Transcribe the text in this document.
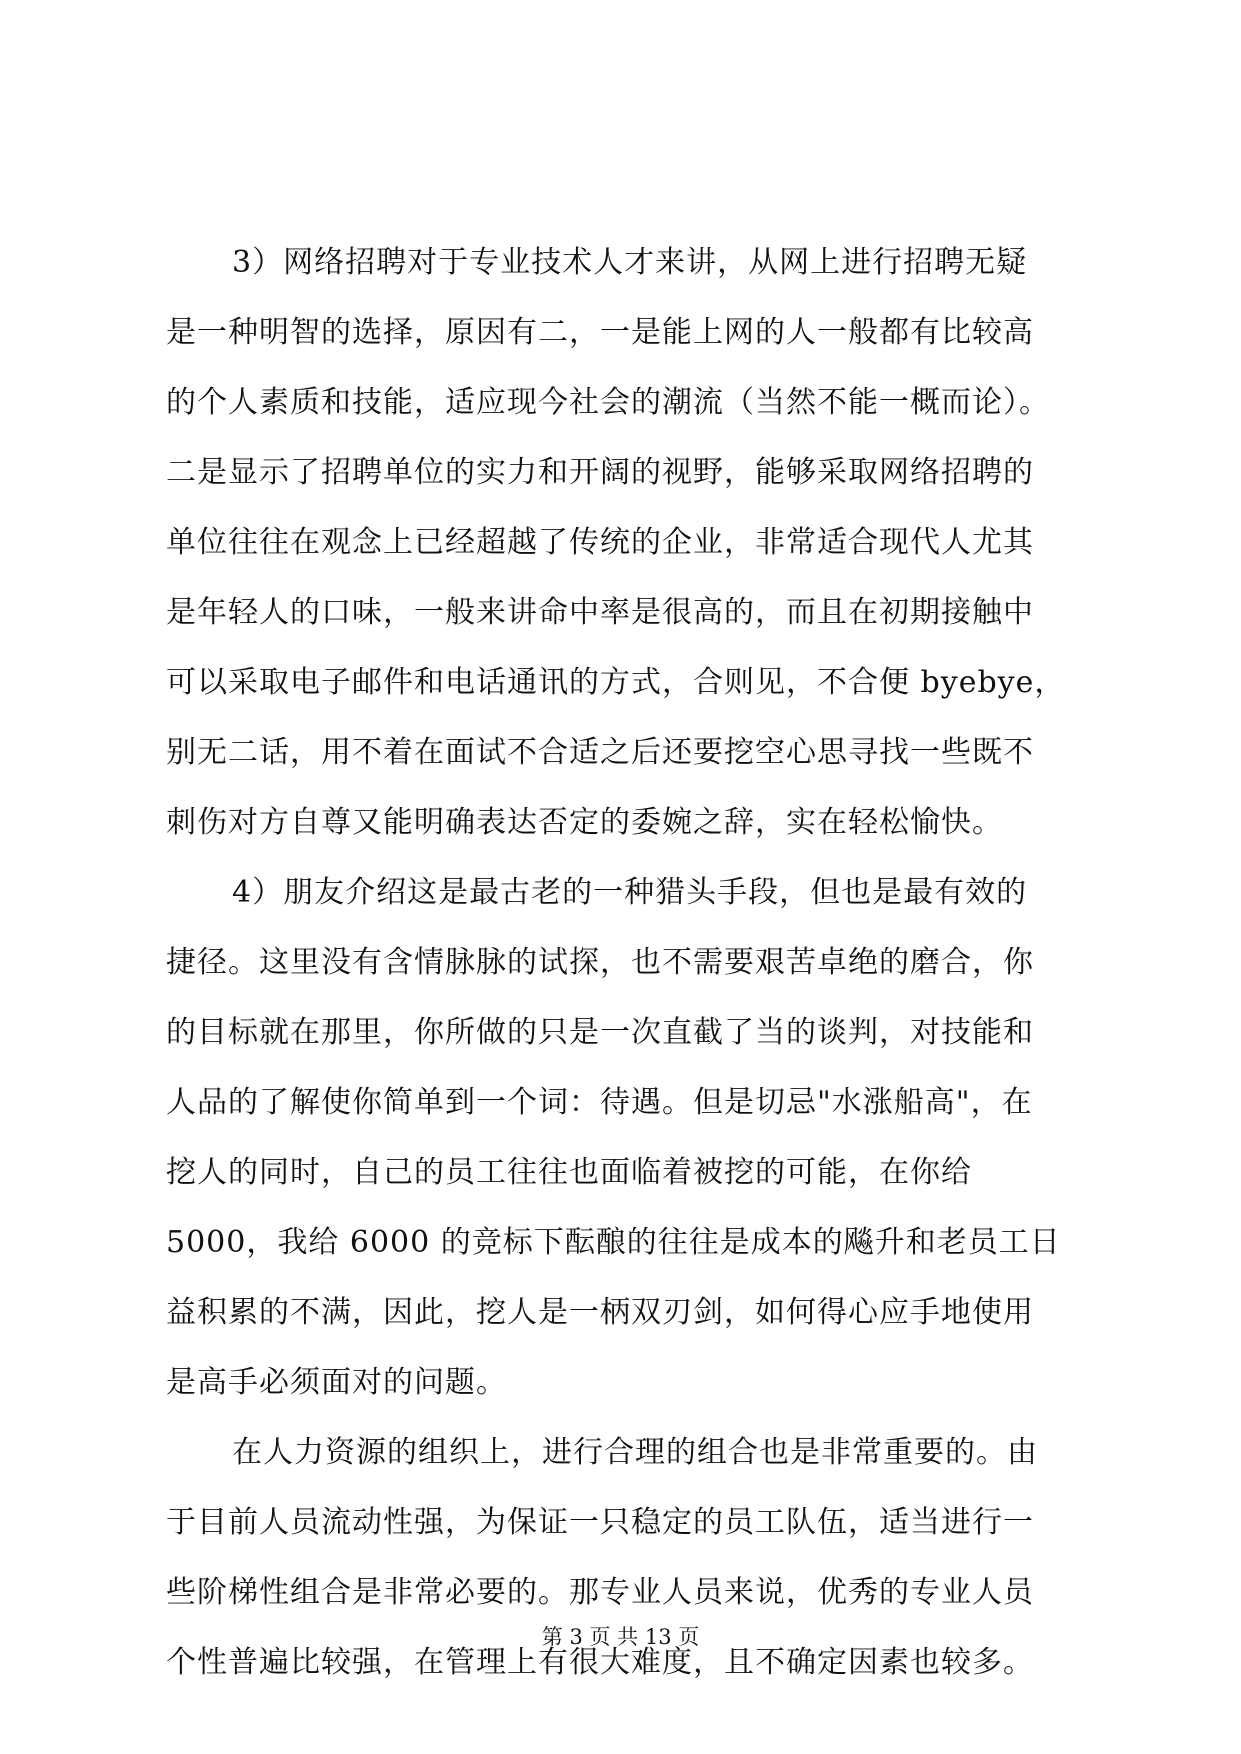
3）网络招聘对于专业技术人才来讲，从网上进行招聘无疑
是一种明智的选择，原因有二，一是能上网的人一般都有比较高
的个人素质和技能，适应现今社会的潮流（当然不能一概而论）。
二是显示了招聘单位的实力和开阔的视野，能够采取网络招聘的
单位往往在观念上已经超越了传统的企业，非常适合现代人尤其
是年轻人的口味，一般来讲命中率是很高的，而且在初期接触中
可以采取电子邮件和电话通讯的方式，合则见，不合便 byebye，
别无二话，用不着在面试不合适之后还要挖空心思寻找一些既不
刺伤对方自尊又能明确表达否定的委婉之辞，实在轻松愉快。
4）朋友介绍这是最古老的一种猎头手段，但也是最有效的
捷径。这里没有含情脉脉的试探，也不需要艰苦卓绝的磨合，你
的目标就在那里，你所做的只是一次直截了当的谈判，对技能和
人品的了解使你简单到一个词：待遇。但是切忌"水涨船高"，在
挖人的同时，自己的员工往往也面临着被挖的可能，在你给
5000，我给 6000 的竞标下酝酿的往往是成本的飚升和老员工日
益积累的不满，因此，挖人是一柄双刃剑，如何得心应手地使用
是高手必须面对的问题。
在人力资源的组织上，进行合理的组合也是非常重要的。由
于目前人员流动性强，为保证一只稳定的员工队伍，适当进行一
些阶梯性组合是非常必要的。那专业人员来说，优秀的专业人员
个性普遍比较强，在管理上有很大难度，且不确定因素也较多。
第 3 页 共 13 页
